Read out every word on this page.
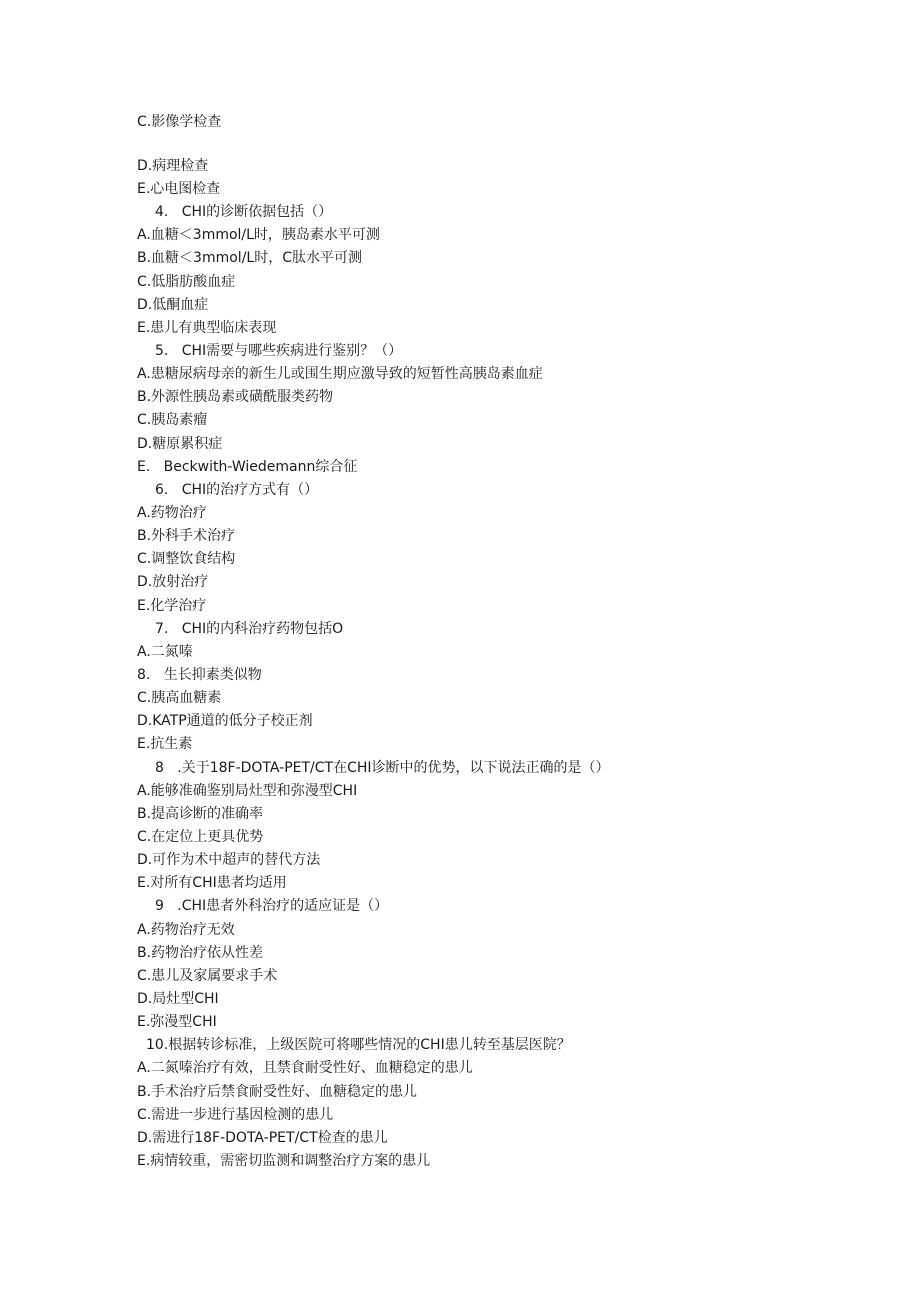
C.影像学检查
D.病理检查
E.心电图检查
4.   CHI的诊断依据包括（）
A.血糖＜3mmol/L时，胰岛素水平可测
B.血糖＜3mmol/L时，C肽水平可测
C.低脂肪酸血症
D.低酮血症
E.患儿有典型临床表现
5.   CHI需要与哪些疾病进行鉴别？（）
A.患糖尿病母亲的新生儿或围生期应激导致的短暂性高胰岛素血症
B.外源性胰岛素或磺酰服类药物
C.胰岛素瘤
D.糖原累积症
E.   Beckwith-Wiedemann综合征
6.   CHI的治疗方式有（）
A.药物治疗
B.外科手术治疗
C.调整饮食结构
D.放射治疗
E.化学治疗
7.   CHI的内科治疗药物包括O
A.二氮嗪
8.   生长抑素类似物
C.胰高血糖素
D.KATP通道的低分子校正剂
E.抗生素
8   .关于18F-DOTA-PET/CT在CHI诊断中的优势，以下说法正确的是（）
A.能够准确鉴别局灶型和弥漫型CHI
B.提高诊断的准确率
C.在定位上更具优势
D.可作为术中超声的替代方法
E.对所有CHI患者均适用
9   .CHI患者外科治疗的适应证是（）
A.药物治疗无效
B.药物治疗依从性差
C.患儿及家属要求手术
D.局灶型CHI
E.弥漫型CHI
10.根据转诊标准，上级医院可将哪些情况的CHI患儿转至基层医院？
A.二氮嗪治疗有效，且禁食耐受性好、血糖稳定的患儿
B.手术治疗后禁食耐受性好、血糖稳定的患儿
C.需进一步进行基因检测的患儿
D.需进行18F-DOTA-PET/CT检查的患儿
E.病情较重，需密切监测和调整治疗方案的患儿
